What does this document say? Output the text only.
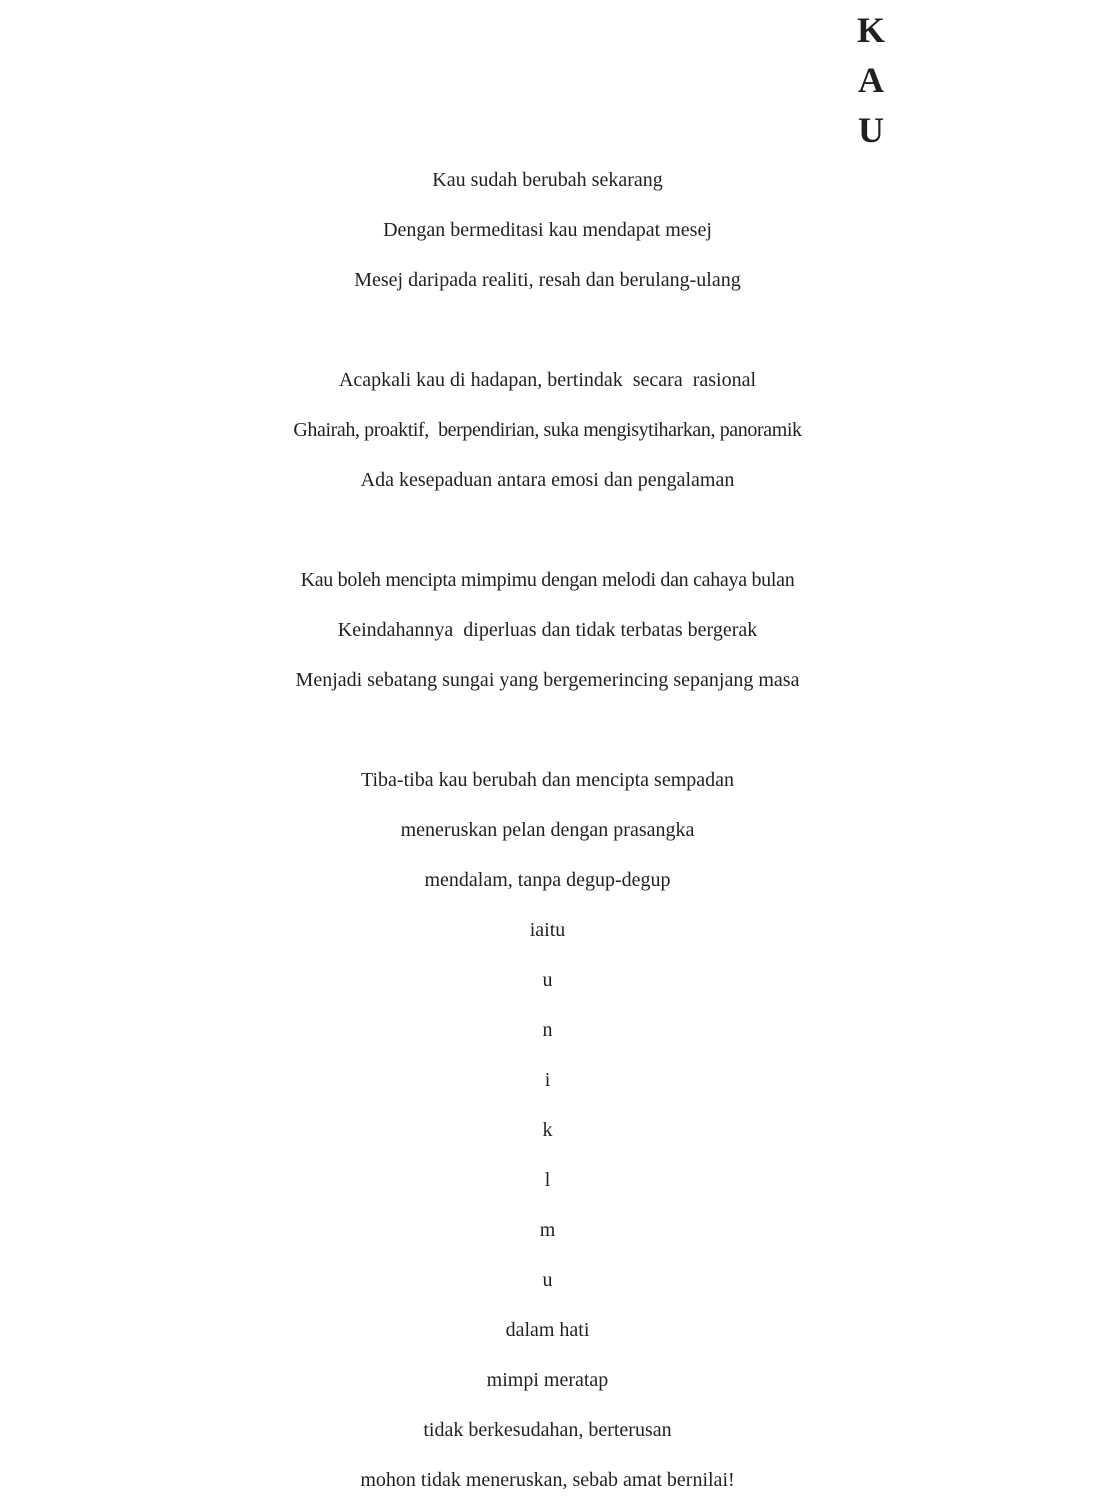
K
A
U
Kau sudah berubah sekarang
Dengan bermeditasi kau mendapat mesej
Mesej daripada realiti, resah dan berulang-ulang
Acapkali kau di hadapan, bertindak  secara  rasional
Ghairah, proaktif,  berpendirian, suka mengisytiharkan, panoramik
Ada kesepaduan antara emosi dan pengalaman
Kau boleh mencipta mimpimu dengan melodi dan cahaya bulan
Keindahannya  diperluas dan tidak terbatas bergerak
Menjadi sebatang sungai yang bergemerincing sepanjang masa
Tiba-tiba kau berubah dan mencipta sempadan
meneruskan pelan dengan prasangka
mendalam, tanpa degup-degup
iaitu
u
n
i
k
l
m
u
dalam hati
mimpi meratap
tidak berkesudahan, berterusan
mohon tidak meneruskan, sebab amat bernilai!
